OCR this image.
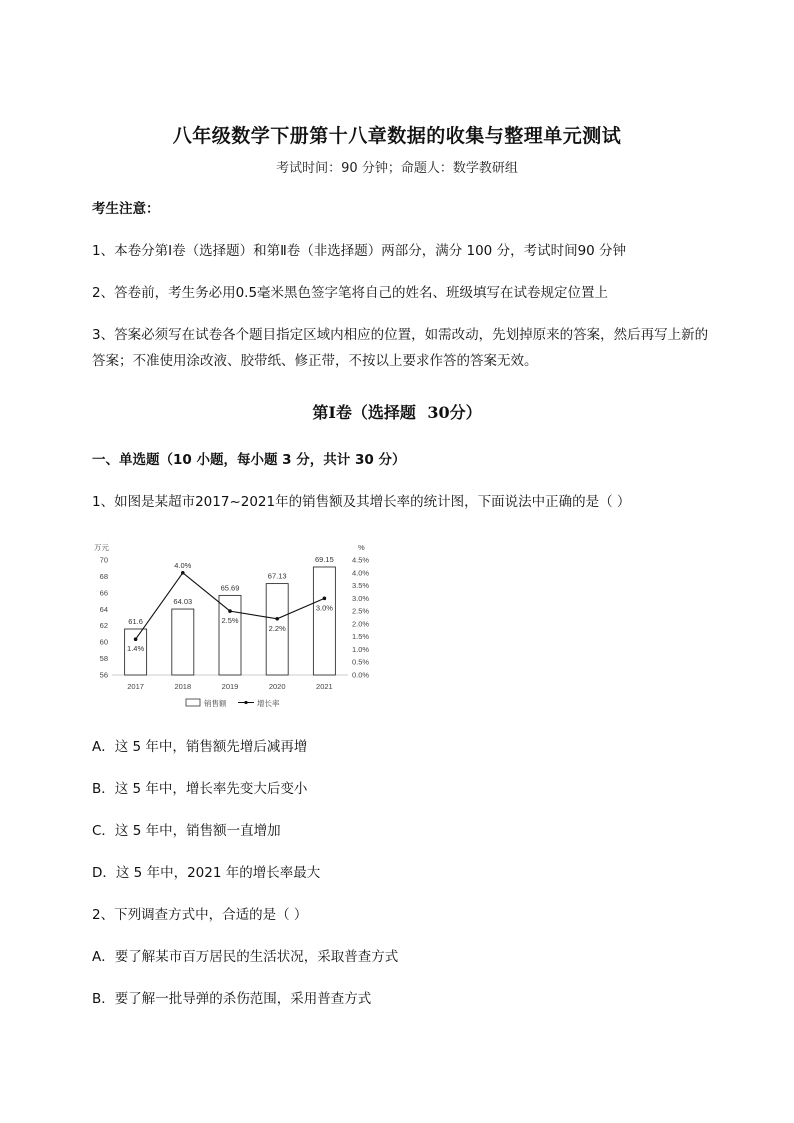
八年级数学下册第十八章数据的收集与整理单元测试
考试时间：90 分钟；命题人：数学教研组
考生注意：
1、本卷分第Ⅰ卷（选择题）和第Ⅱ卷（非选择题）两部分，满分 100 分，考试时间90 分钟
2、答卷前，考生务必用0.5毫米黑色签字笔将自己的姓名、班级填写在试卷规定位置上
3、答案必须写在试卷各个题目指定区域内相应的位置，如需改动，先划掉原来的答案，然后再写上新的答案；不准使用涂改液、胶带纸、修正带，不按以上要求作答的答案无效。
第Ⅰ卷（选择题 30分）
一、单选题（10 小题，每小题 3 分，共计 30 分）
1、如图是某超市2017~2021年的销售额及其增长率的统计图，下面说法中正确的是（ ）
万元	%
56
58
60
62
64
66
68
70
0.0%
0.5%
1.0%
1.5%
2.0%
2.5%
3.0%
3.5%
4.0%
4.5%
2017	2018	2019	2020	2021
61.6
64.03
65.69
67.13
69.15
1.4%
4.0%
2.5%
2.2%
3.0%
销售额	增长率
A．这 5 年中，销售额先增后减再增
B．这 5 年中，增长率先变大后变小
C．这 5 年中，销售额一直增加
D．这 5 年中，2021 年的增长率最大
2、下列调查方式中，合适的是（ ）
A．要了解某市百万居民的生活状况，采取普查方式
B．要了解一批导弹的杀伤范围，采用普查方式
